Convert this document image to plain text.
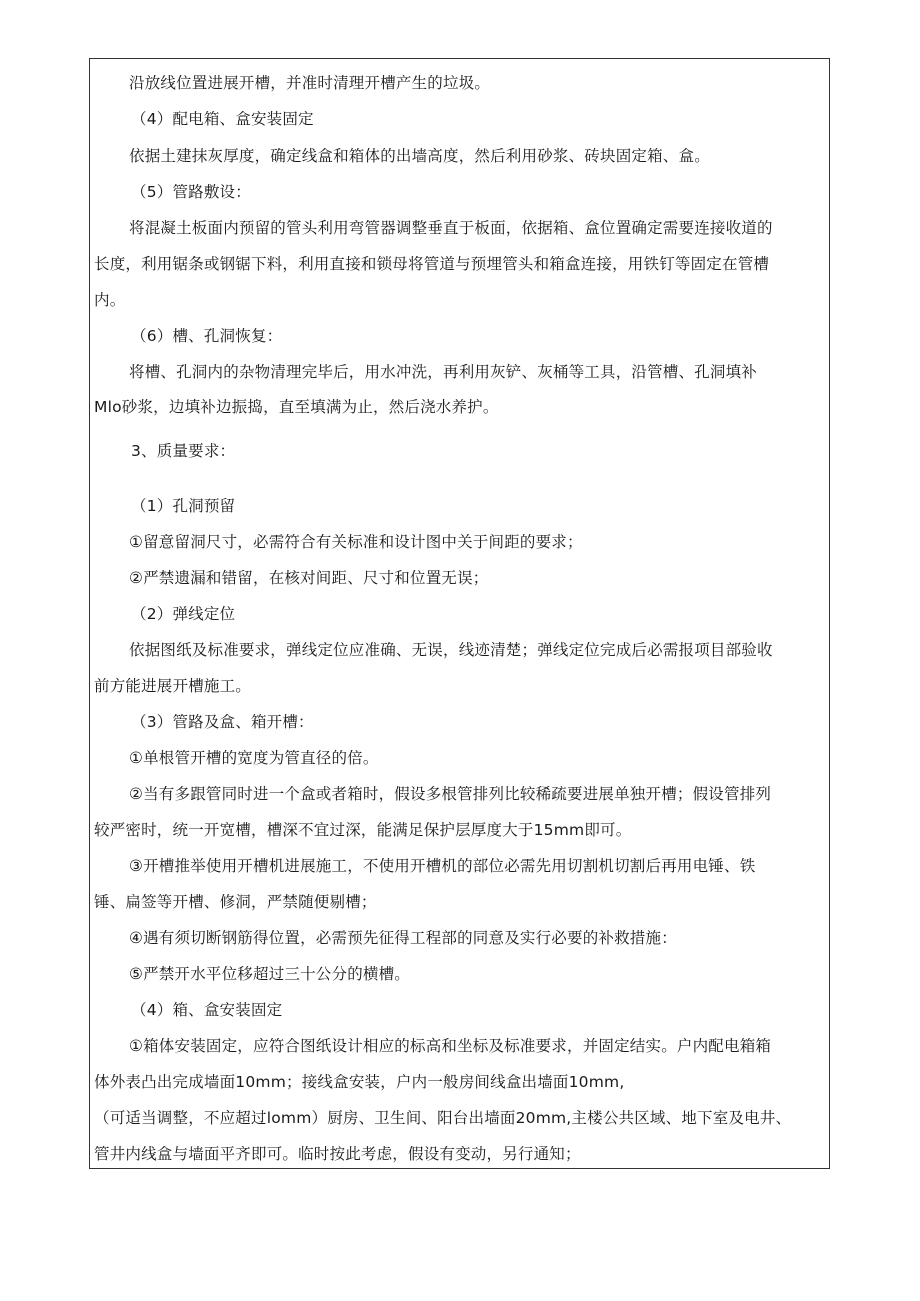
沿放线位置进展开槽，并准时清理开槽产生的垃圾。
（4）配电箱、盒安装固定
依据土建抹灰厚度，确定线盒和箱体的出墙高度，然后利用砂浆、砖块固定箱、盒。
（5）管路敷设：
将混凝土板面内预留的管头利用弯管器调整垂直于板面，依据箱、盒位置确定需要连接收道的
长度，利用锯条或钢锯下料，利用直接和锁母将管道与预埋管头和箱盒连接，用铁钉等固定在管槽
内。
（6）槽、孔洞恢复：
将槽、孔洞内的杂物清理完毕后，用水冲洗，再利用灰铲、灰桶等工具，沿管槽、孔洞填补
Mlo砂浆，边填补边振捣，直至填满为止，然后浇水养护。
3、质量要求：
（1）孔洞预留
①留意留洞尺寸，必需符合有关标准和设计图中关于间距的要求；
②严禁遗漏和错留，在核对间距、尺寸和位置无误；
（2）弹线定位
依据图纸及标准要求，弹线定位应准确、无误，线迹清楚；弹线定位完成后必需报项目部验收
前方能进展开槽施工。
（3）管路及盒、箱开槽：
①单根管开槽的宽度为管直径的倍。
②当有多跟管同时进一个盒或者箱时，假设多根管排列比较稀疏要进展单独开槽；假设管排列
较严密时，统一开宽槽，槽深不宜过深，能满足保护层厚度大于15mm即可。
③开槽推举使用开槽机进展施工，不使用开槽机的部位必需先用切割机切割后再用电锤、铁
锤、扁签等开槽、修洞，严禁随便剔槽；
④遇有须切断钢筋得位置，必需预先征得工程部的同意及实行必要的补救措施：
⑤严禁开水平位移超过三十公分的横槽。
（4）箱、盒安装固定
①箱体安装固定，应符合图纸设计相应的标高和坐标及标准要求，并固定结实。户内配电箱箱
体外表凸出完成墙面10mm；接线盒安装，户内一般房间线盒出墙面10mm,
（可适当调整，不应超过lomm）厨房、卫生间、阳台出墙面20mm,主楼公共区域、地下室及电井、
管井内线盒与墙面平齐即可。临时按此考虑，假设有变动，另行通知；
